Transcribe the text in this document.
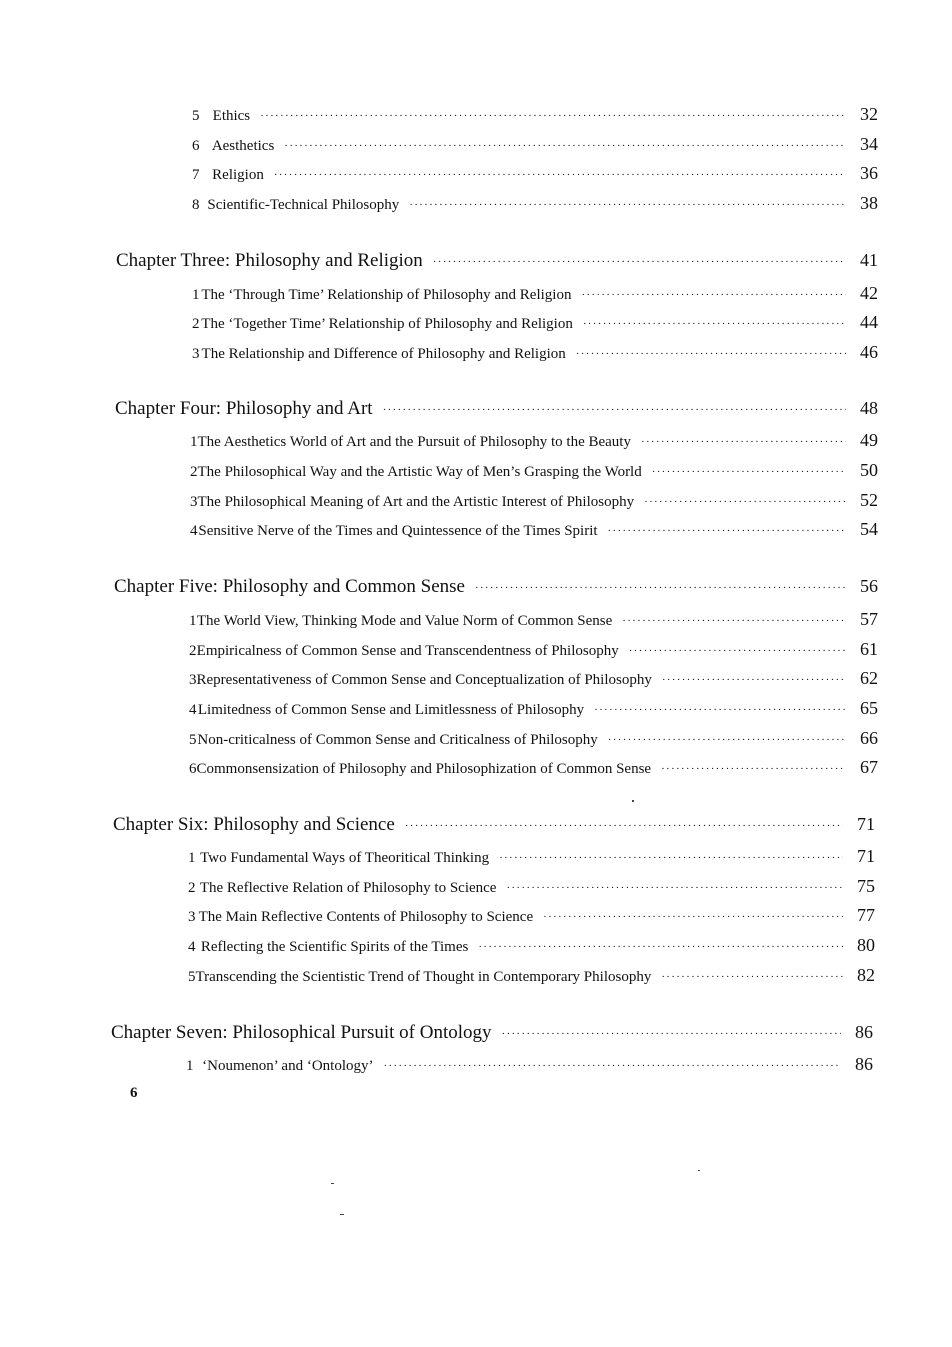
5 Ethics ·····	32
6 Aesthetics ·····	34
7 Religion ·····	36
8 Scientific-Technical Philosophy ·····	38
Chapter Three: Philosophy and Religion ·····	41
1 The ‘Through Time’ Relationship of Philosophy and Religion ·····	42
2 The ‘Together Time’ Relationship of Philosophy and Religion ·····	44
3 The Relationship and Difference of Philosophy and Religion ·····	46
Chapter Four: Philosophy and Art ·····	48
1 The Aesthetics World of Art and the Pursuit of Philosophy to the Beauty ·····	49
2 The Philosophical Way and the Artistic Way of Men’s Grasping the World ·····	50
3 The Philosophical Meaning of Art and the Artistic Interest of Philosophy ·····	52
4 Sensitive Nerve of the Times and Quintessence of the Times Spirit ·····	54
Chapter Five: Philosophy and Common Sense ·····	56
1 The World View, Thinking Mode and Value Norm of Common Sense ·····	57
2 Empiricalness of Common Sense and Transcendentness of Philosophy ·····	61
3 Representativeness of Common Sense and Conceptualization of Philosophy ·····	62
4 Limitedness of Common Sense and Limitlessness of Philosophy ·····	65
5 Non-criticalness of Common Sense and Criticalness of Philosophy ·····	66
6 Commonsensization of Philosophy and Philosophization of Common Sense ·····	67
Chapter Six: Philosophy and Science ·····	71
1 Two Fundamental Ways of Theoritical Thinking ·····	71
2 The Reflective Relation of Philosophy to Science ·····	75
3 The Main Reflective Contents of Philosophy to Science ·····	77
4 Reflecting the Scientific Spirits of the Times ·····	80
5 Transcending the Scientistic Trend of Thought in Contemporary Philosophy ·····	82
Chapter Seven: Philosophical Pursuit of Ontology ·····	86
1 ‘Noumenon’ and ‘Ontology’ ·····	86
6
